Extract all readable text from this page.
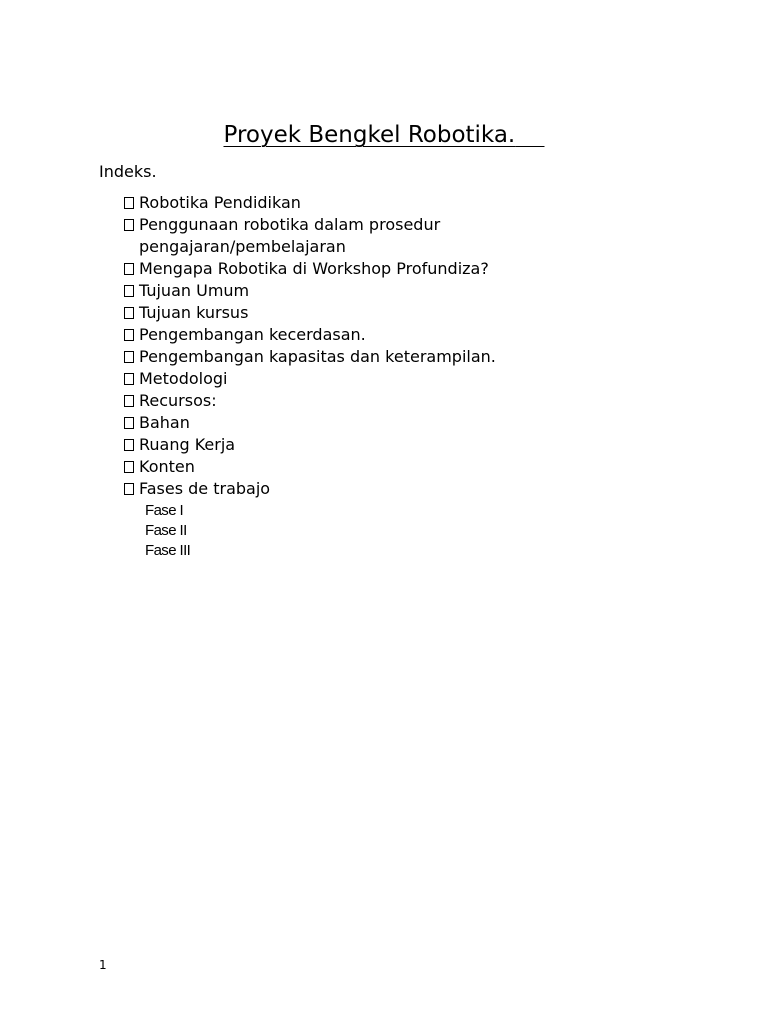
Proyek Bengkel Robotika.
Indeks.
Robotika Pendidikan
Penggunaan robotika dalam prosedur pengajaran/pembelajaran
Mengapa Robotika di Workshop Profundiza?
Tujuan Umum
Tujuan kursus
Pengembangan kecerdasan.
Pengembangan kapasitas dan keterampilan.
Metodologi
Recursos:
Bahan
Ruang Kerja
Konten
Fases de trabajo
Fase I
Fase II
Fase III
1
